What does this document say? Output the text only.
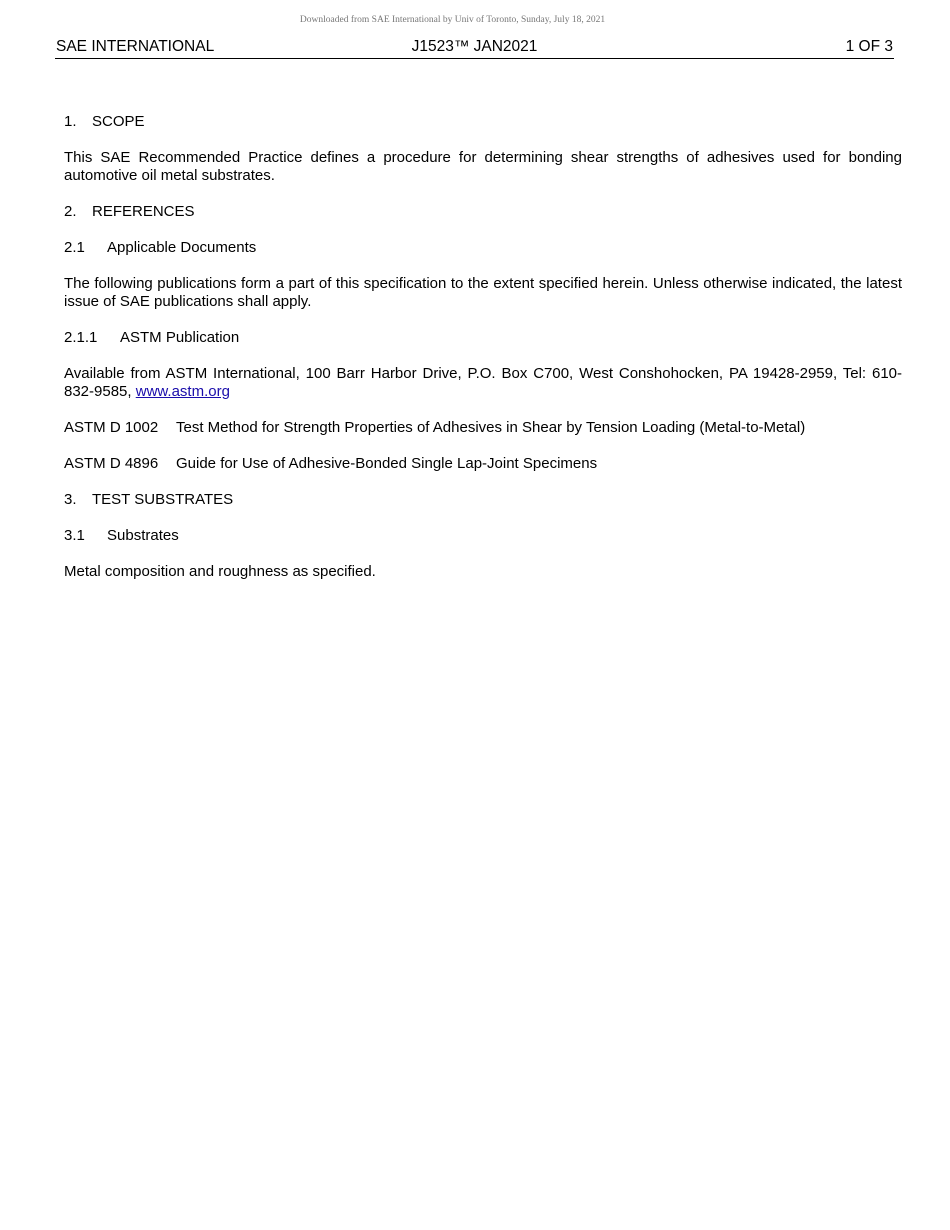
Downloaded from SAE International by Univ of Toronto, Sunday, July 18, 2021
SAE INTERNATIONAL	J1523™ JAN2021	1 OF 3

1. SCOPE

This SAE Recommended Practice defines a procedure for determining shear strengths of adhesives used for bonding automotive oil metal substrates.

2. REFERENCES

2.1 Applicable Documents

The following publications form a part of this specification to the extent specified herein. Unless otherwise indicated, the latest issue of SAE publications shall apply.

2.1.1 ASTM Publication

Available from ASTM International, 100 Barr Harbor Drive, P.O. Box C700, West Conshohocken, PA 19428-2959, Tel: 610-832-9585, www.astm.org

ASTM D 1002 Test Method for Strength Properties of Adhesives in Shear by Tension Loading (Metal-to-Metal)

ASTM D 4896 Guide for Use of Adhesive-Bonded Single Lap-Joint Specimens

3. TEST SUBSTRATES

3.1 Substrates

Metal composition and roughness as specified.
